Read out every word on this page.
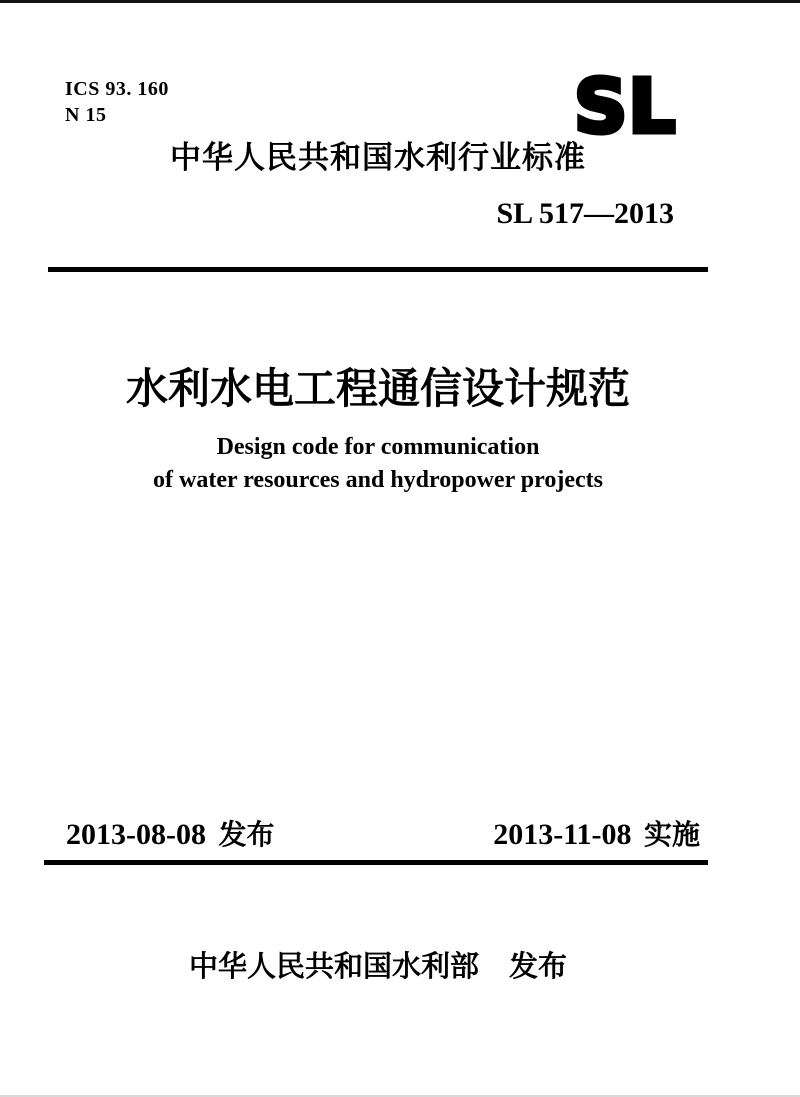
ICS 93. 160
N 15	SL
中华人民共和国水利行业标准
SL 517—2013
水利水电工程通信设计规范
Design code for communication
of water resources and hydropower projects
2013-08-08 发布	2013-11-08 实施
中华人民共和国水利部 发布
